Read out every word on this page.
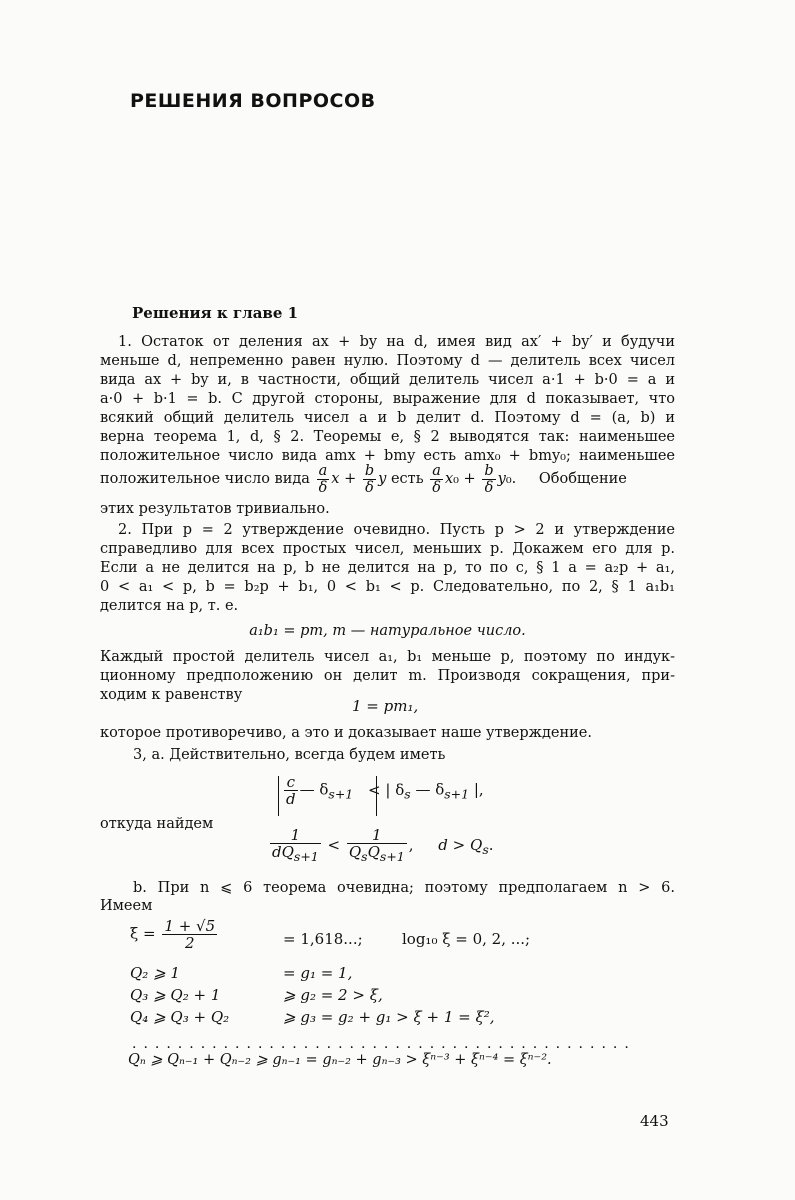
РЕШЕНИЯ ВОПРОСОВ
Решения к главе 1
1. Остаток от деления ax + by на d, имея вид ax′ + by′ и будучи
меньше d, непременно равен нулю. Поэтому d — делитель всех чисел
вида ax + by и, в частности, общий делитель чисел a·1 + b·0 = a и
a·0 + b·1 = b. С другой стороны, выражение для d показывает, что
всякий общий делитель чисел a и b делит d. Поэтому d = (a, b) и
верна теорема 1, d, § 2. Теоремы e, § 2 выводятся так: наименьшее
положительное число вида amx + bmy есть amx₀ + bmy₀; наименьшее
положительное число вида $\frac{a}{\delta}$ $x + \frac{b}{\delta}$ y есть $\frac{a}{\delta} x_0 + \frac{b}{\delta} y_0$. Обобщение
этих результатов тривиально.
2. При p = 2 утверждение очевидно. Пусть p > 2 и утверждение
справедливо для всех простых чисел, меньших p. Докажем его для p.
Если a не делится на p, b не делится на p, то по c, § 1 a = a₂p + a₁,
0 < a₁ < p, b = b₂p + b₁, 0 < b₁ < p. Следовательно, по 2, § 1 a₁b₁
делится на p, т. е.
a₁b₁ = pm, m — натуральное число.
Каждый простой делитель чисел a₁, b₁ меньше p, поэтому по индук-
ционному предположению он делит m. Производя сокращения, при-
ходим к равенству
1 = pm₁,
которое противоречиво, а это и доказывает наше утверждение.
3, a. Действительно, всегда будем иметь
$\frac{c}{d}$ — $\delta_{s+1}$ < | $\delta_s$ — $\delta_{s+1}$ |,
откуда найдем
$\frac{1}{dQ_{s+1}} < \frac{1}{Q_sQ_{s+1}}$ , $d > Q_s$.
b. При n ⩽ 6 теорема очевидна; поэтому предполагаем n > 6.
Имеем
$\xi = \frac{1 + √5}{2}$	= 1,618...;	log₁₀ ξ = 0, 2, ...;
Q₂ ⩾ 1	= g₁ = 1,
Q₃ ⩾ Q₂ + 1	⩾ g₂ = 2 > ξ,
Q₄ ⩾ Q₃ + Q₂	⩾ g₃ = g₂ + g₁ > ξ + 1 = ξ²,
............................................
Qₙ ⩾ Qₙ₋₁ + Qₙ₋₂ ⩾ gₙ₋₁ = gₙ₋₂ + gₙ₋₃ > ξⁿ⁻³ + ξⁿ⁻⁴ = ξⁿ⁻².
443
